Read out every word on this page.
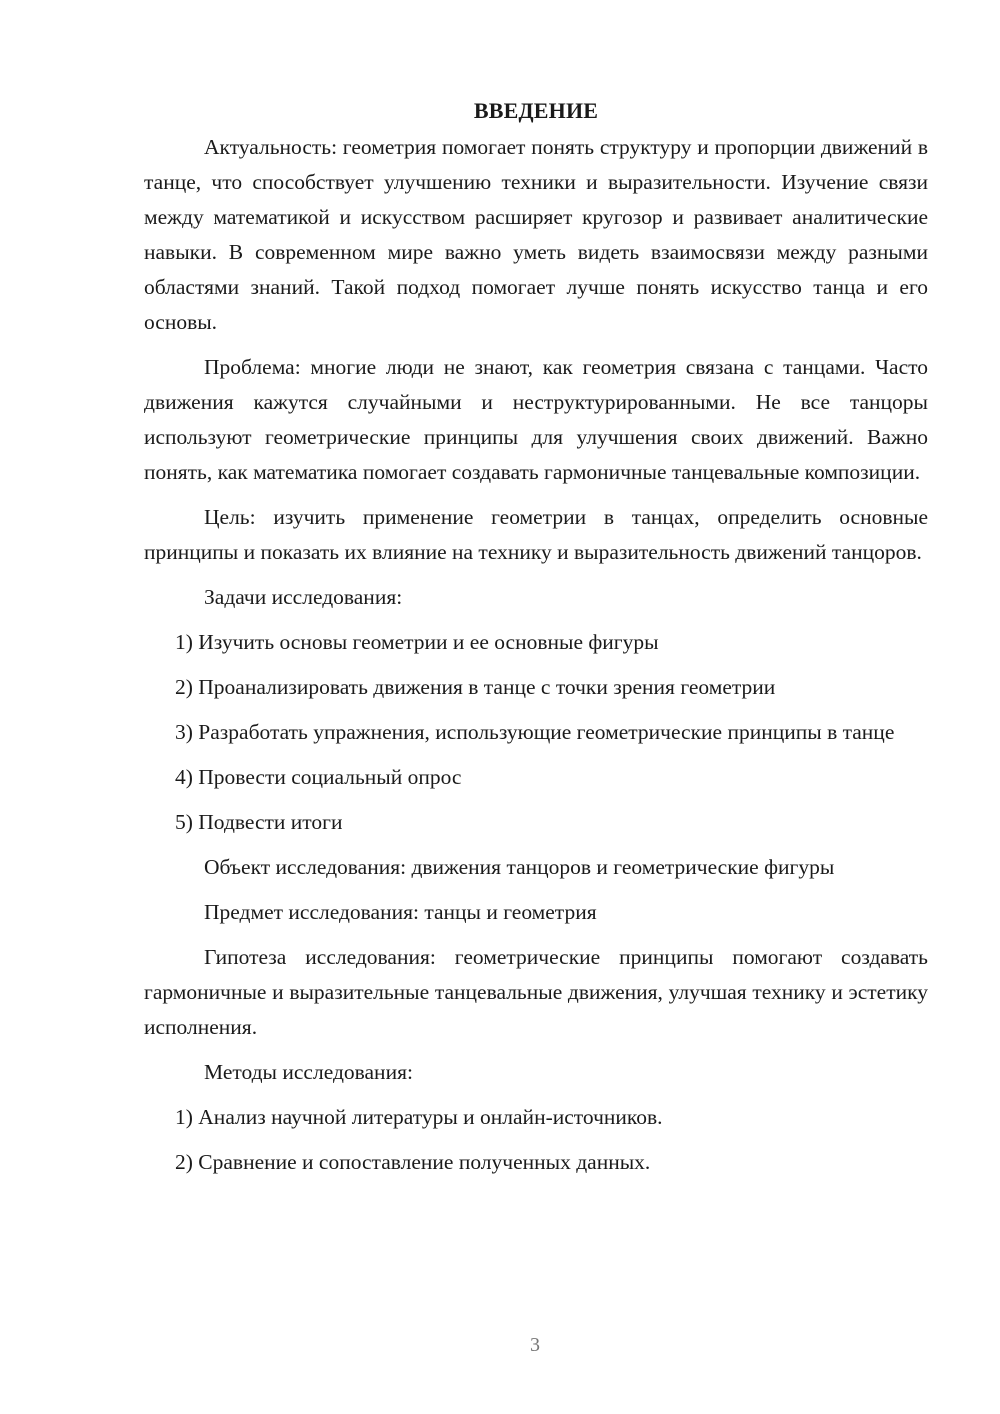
ВВЕДЕНИЕ

Актуальность: геометрия помогает понять структуру и пропорции движений в танце, что способствует улучшению техники и выразительности. Изучение связи между математикой и искусством расширяет кругозор и развивает аналитические навыки. В современном мире важно уметь видеть взаимосвязи между разными областями знаний. Такой подход помогает лучше понять искусство танца и его основы.

Проблема: многие люди не знают, как геометрия связана с танцами. Часто движения кажутся случайными и неструктурированными. Не все танцоры используют геометрические принципы для улучшения своих движений. Важно понять, как математика помогает создавать гармоничные танцевальные композиции.

Цель: изучить применение геометрии в танцах, определить основные принципы и показать их влияние на технику и выразительность движений танцоров.

Задачи исследования:

1) Изучить основы геометрии и ее основные фигуры

2) Проанализировать движения в танце с точки зрения геометрии

3) Разработать упражнения, использующие геометрические принципы в танце

4) Провести социальный опрос

5) Подвести итоги

Объект исследования: движения танцоров и геометрические фигуры

Предмет исследования: танцы и геометрия

Гипотеза исследования: геометрические принципы помогают создавать гармоничные и выразительные танцевальные движения, улучшая технику и эстетику исполнения.

Методы исследования:

1) Анализ научной литературы и онлайн-источников.

2) Сравнение и сопоставление полученных данных.

3
